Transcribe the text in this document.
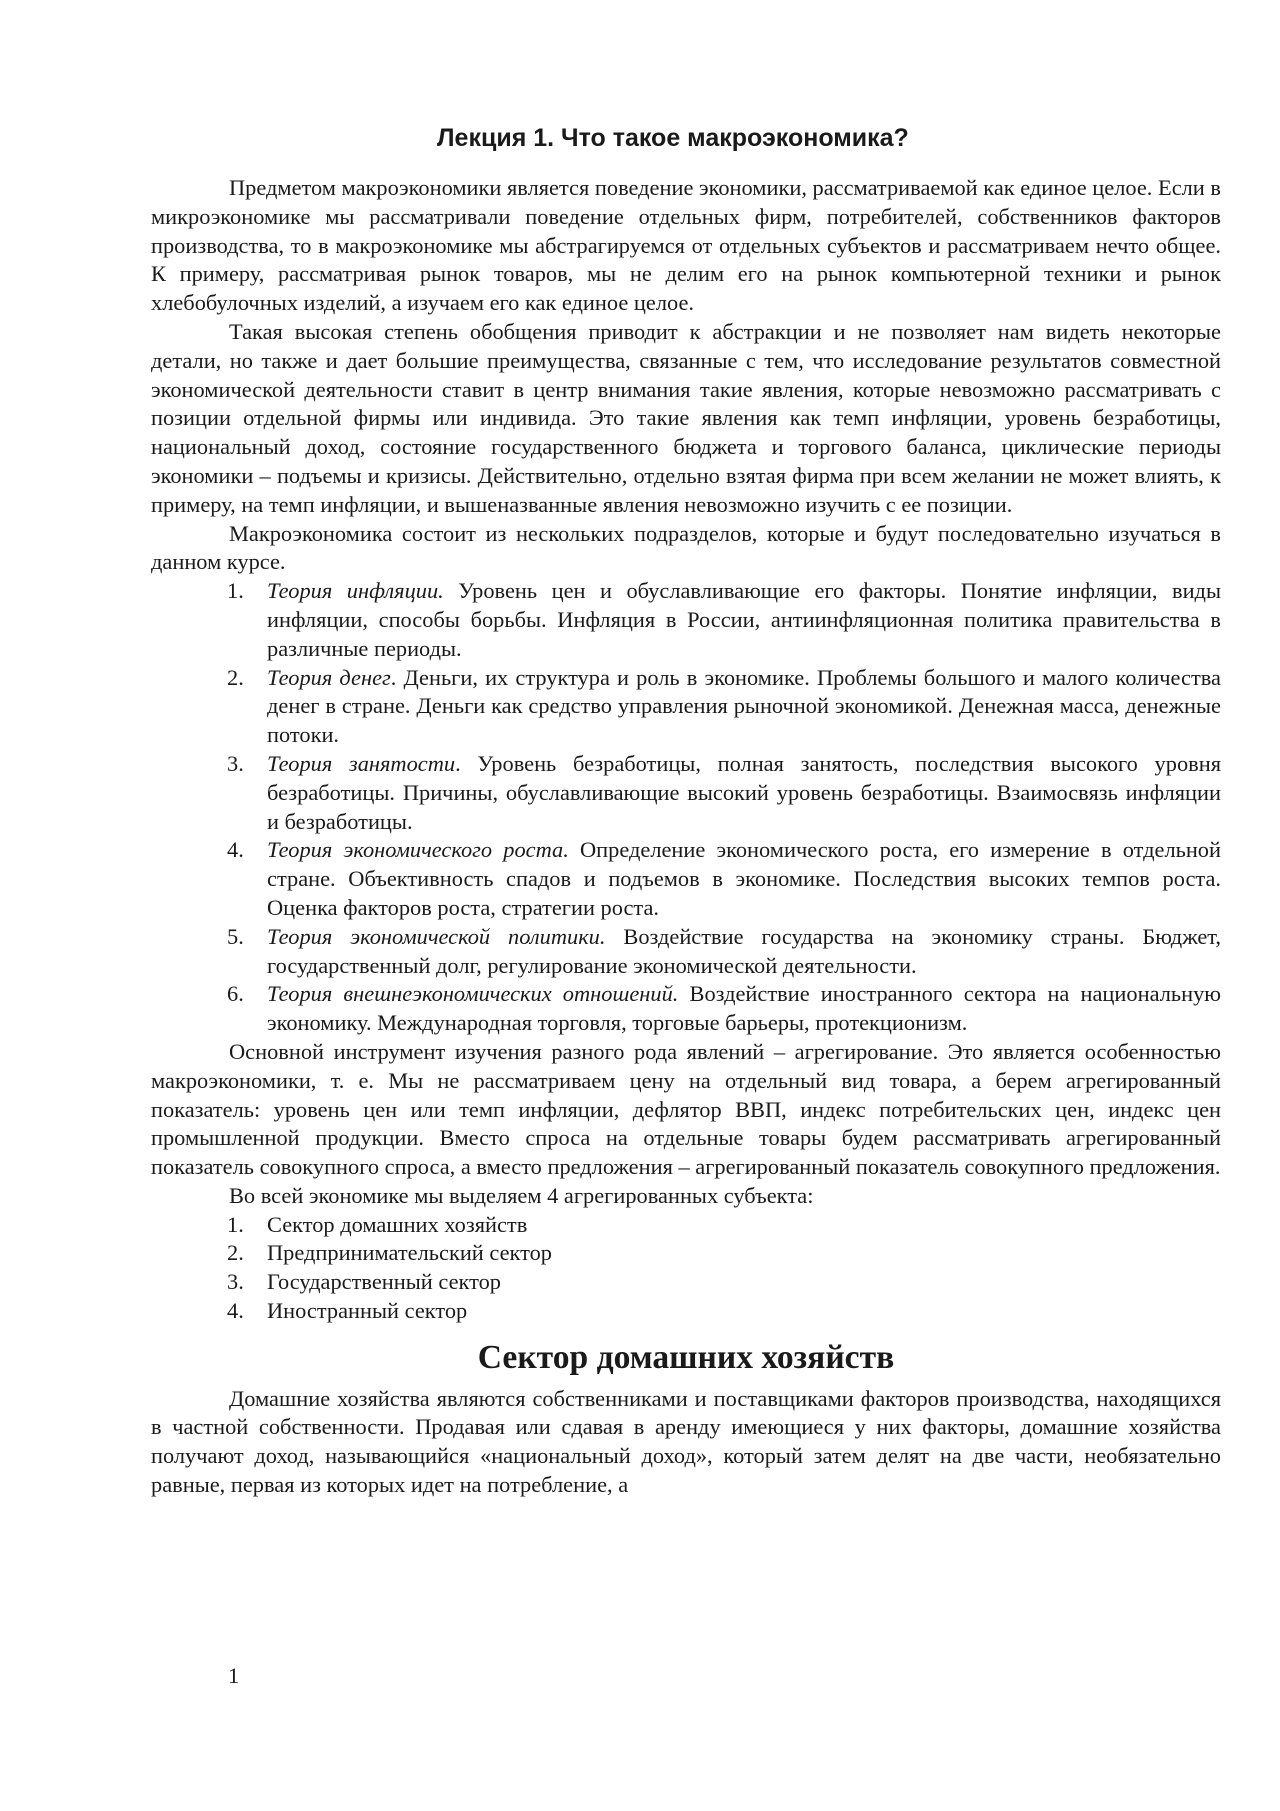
Лекция 1. Что такое макроэкономика?

Предметом макроэкономики является поведение экономики, рассматриваемой как единое целое. Если в микроэкономике мы рассматривали поведение отдельных фирм, потребителей, собственников факторов производства, то в макроэкономике мы абстрагируемся от отдельных субъектов и рассматриваем нечто общее. К примеру, рассматривая рынок товаров, мы не делим его на рынок компьютерной техники и рынок хлебобулочных изделий, а изучаем его как единое целое.

Такая высокая степень обобщения приводит к абстракции и не позволяет нам видеть некоторые детали, но также и дает большие преимущества, связанные с тем, что исследование результатов совместной экономической деятельности ставит в центр внимания такие явления, которые невозможно рассматривать с позиции отдельной фирмы или индивида. Это такие явления как темп инфляции, уровень безработицы, национальный доход, состояние государственного бюджета и торгового баланса, циклические периоды экономики – подъемы и кризисы. Действительно, отдельно взятая фирма при всем желании не может влиять, к примеру, на темп инфляции, и вышеназванные явления невозможно изучить с ее позиции.

Макроэкономика состоит из нескольких подразделов, которые и будут последовательно изучаться в данном курсе.

1. Теория инфляции. Уровень цен и обуславливающие его факторы. Понятие инфляции, виды инфляции, способы борьбы. Инфляция в России, антиинфляционная политика правительства в различные периоды.
2. Теория денег. Деньги, их структура и роль в экономике. Проблемы большого и малого количества денег в стране. Деньги как средство управления рыночной экономикой. Денежная масса, денежные потоки.
3. Теория занятости. Уровень безработицы, полная занятость, последствия высокого уровня безработицы. Причины, обуславливающие высокий уровень безработицы. Взаимосвязь инфляции и безработицы.
4. Теория экономического роста. Определение экономического роста, его измерение в отдельной стране. Объективность спадов и подъемов в экономике. Последствия высоких темпов роста. Оценка факторов роста, стратегии роста.
5. Теория экономической политики. Воздействие государства на экономику страны. Бюджет, государственный долг, регулирование экономической деятельности.
6. Теория внешнеэкономических отношений. Воздействие иностранного сектора на национальную экономику. Международная торговля, торговые барьеры, протекционизм.

Основной инструмент изучения разного рода явлений – агрегирование. Это является особенностью макроэкономики, т. е. Мы не рассматриваем цену на отдельный вид товара, а берем агрегированный показатель: уровень цен или темп инфляции, дефлятор ВВП, индекс потребительских цен, индекс цен промышленной продукции. Вместо спроса на отдельные товары будем рассматривать агрегированный показатель совокупного спроса, а вместо предложения – агрегированный показатель совокупного предложения.

Во всей экономике мы выделяем 4 агрегированных субъекта:

1. Сектор домашних хозяйств
2. Предпринимательский сектор
3. Государственный сектор
4. Иностранный сектор
Сектор домашних хозяйств

Домашние хозяйства являются собственниками и поставщиками факторов производства, находящихся в частной собственности. Продавая или сдавая в аренду имеющиеся у них факторы, домашние хозяйства получают доход, называющийся «национальный доход», который затем делят на две части, необязательно равные, первая из которых идет на потребление, а

1
